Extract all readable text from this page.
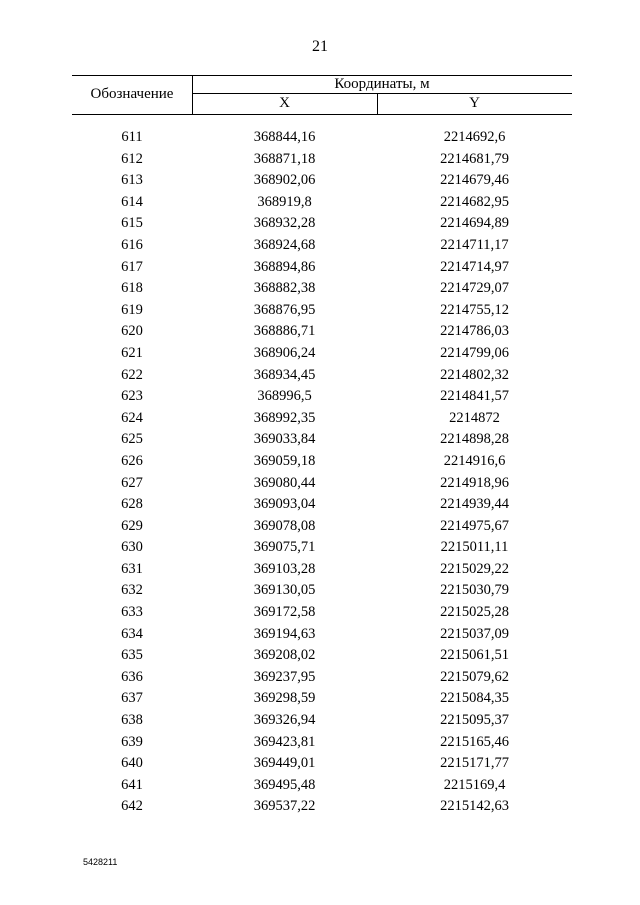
21
Обозначение
Координаты, м
X	Y
611	368844,16	2214692,6
612	368871,18	2214681,79
613	368902,06	2214679,46
614	368919,8	2214682,95
615	368932,28	2214694,89
616	368924,68	2214711,17
617	368894,86	2214714,97
618	368882,38	2214729,07
619	368876,95	2214755,12
620	368886,71	2214786,03
621	368906,24	2214799,06
622	368934,45	2214802,32
623	368996,5	2214841,57
624	368992,35	2214872
625	369033,84	2214898,28
626	369059,18	2214916,6
627	369080,44	2214918,96
628	369093,04	2214939,44
629	369078,08	2214975,67
630	369075,71	2215011,11
631	369103,28	2215029,22
632	369130,05	2215030,79
633	369172,58	2215025,28
634	369194,63	2215037,09
635	369208,02	2215061,51
636	369237,95	2215079,62
637	369298,59	2215084,35
638	369326,94	2215095,37
639	369423,81	2215165,46
640	369449,01	2215171,77
641	369495,48	2215169,4
642	369537,22	2215142,63
5428211
